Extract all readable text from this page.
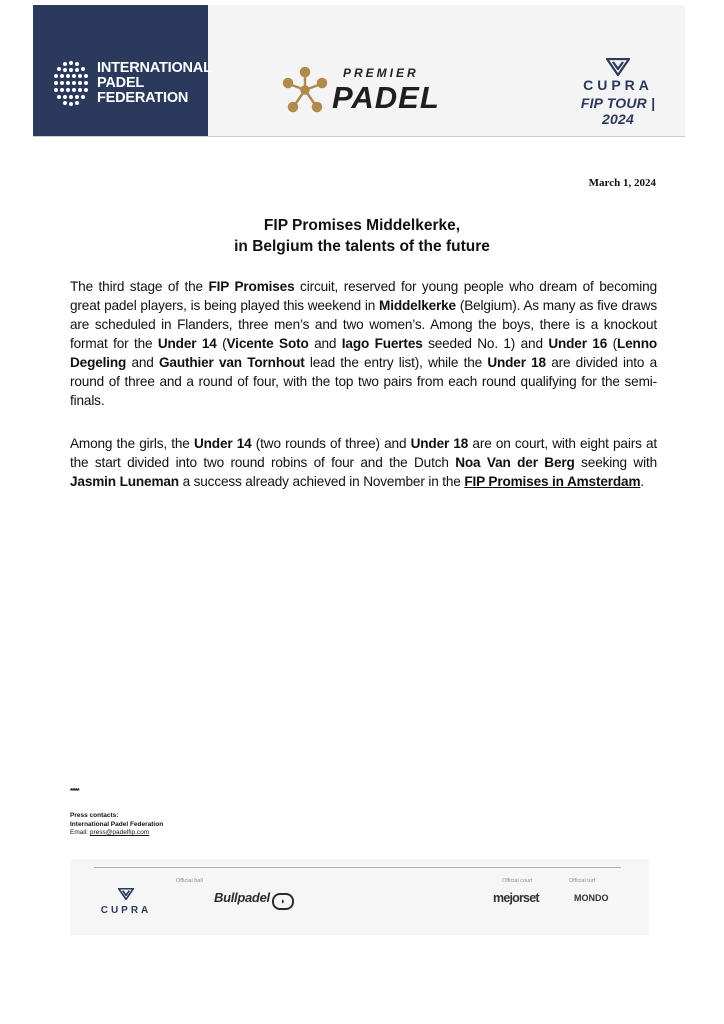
INTERNATIONAL
PADEL
FEDERATION
PREMIER
PADEL	CUPRA
FIP TOUR | 2024
March 1, 2024
FIP Promises Middelkerke,
in Belgium the talents of the future
The third stage of the FIP Promises circuit, reserved for young people who dream of becoming great padel players, is being played this weekend in Middelkerke (Belgium). As many as five draws are scheduled in Flanders, three men’s and two women’s. Among the boys, there is a knockout format for the Under 14 (Vicente Soto and Iago Fuertes seeded No. 1) and Under 16 (Lenno Degeling and Gauthier van Tornhout lead the entry list), while the Under 18 are divided into a round of three and a round of four, with the top two pairs from each round qualifying for the semi-finals.
Among the girls, the Under 14 (two rounds of three) and Under 18 are on court, with eight pairs at the start divided into two round robins of four and the Dutch Noa Van der Berg seeking with Jasmin Luneman a success already achieved in November in the FIP Promises in Amsterdam.
*****
Press contacts:
International Padel Federation
Email: press@padelfip.com
Official ball	Official court	Official turf
CUPRA
Bullpadel ◗	mejorset	MONDO
